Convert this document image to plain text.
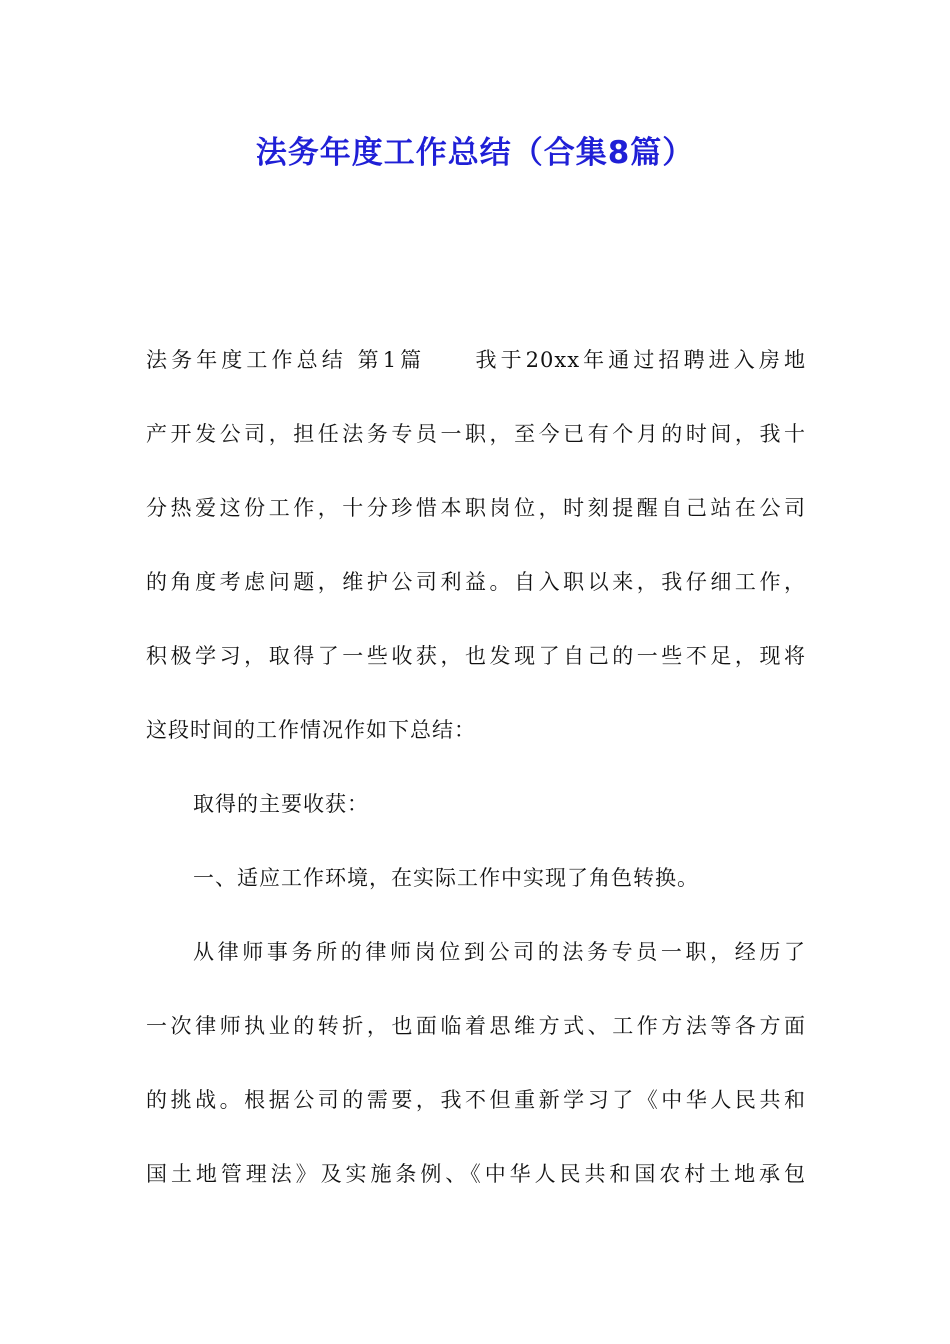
法务年度工作总结（合集8篇）
法务年度工作总结 第1篇　　我于20xx年通过招聘进入房地
产开发公司，担任法务专员一职，至今已有个月的时间，我十
分热爱这份工作，十分珍惜本职岗位，时刻提醒自己站在公司
的角度考虑问题，维护公司利益。自入职以来，我仔细工作，
积极学习，取得了一些收获，也发现了自己的一些不足，现将
这段时间的工作情况作如下总结：
取得的主要收获：
一、适应工作环境，在实际工作中实现了角色转换。
从律师事务所的律师岗位到公司的法务专员一职，经历了
一次律师执业的转折，也面临着思维方式、工作方法等各方面
的挑战。根据公司的需要，我不但重新学习了《中华人民共和
国土地管理法》及实施条例、《中华人民共和国农村土地承包
